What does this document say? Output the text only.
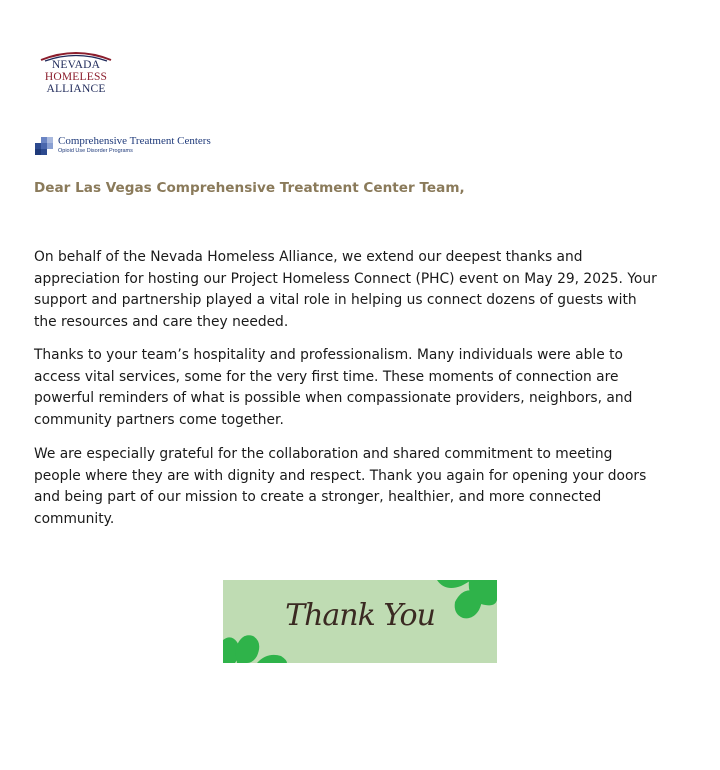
NEVADA
HOMELESS
ALLIANCE
Comprehensive Treatment Centers
Opioid Use Disorder Programs
Dear Las Vegas Comprehensive Treatment Center Team,
On behalf of the Nevada Homeless Alliance, we extend our deepest thanks and
appreciation for hosting our Project Homeless Connect (PHC) event on May 29, 2025. Your
support and partnership played a vital role in helping us connect dozens of guests with
the resources and care they needed.
Thanks to your team’s hospitality and professionalism. Many individuals were able to
access vital services, some for the very first time. These moments of connection are
powerful reminders of what is possible when compassionate providers, neighbors, and
community partners come together.
We are especially grateful for the collaboration and shared commitment to meeting
people where they are with dignity and respect. Thank you again for opening your doors
and being part of our mission to create a stronger, healthier, and more connected
community.
Thank You
